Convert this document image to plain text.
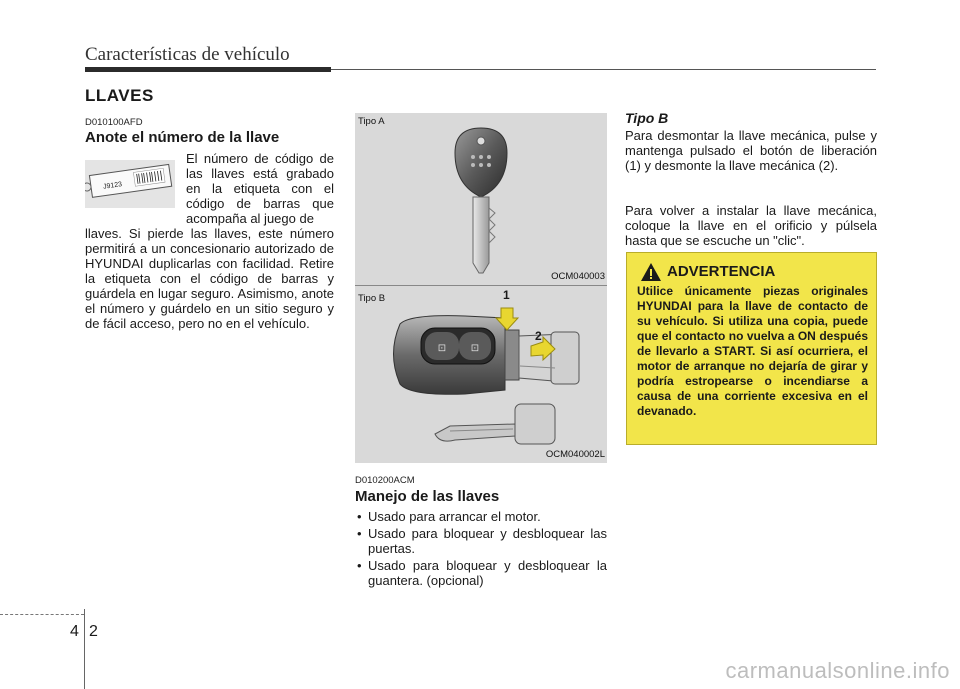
Características de vehículo
LLAVES
D010100AFD
Anote el número de la llave
J9123
El número de código de las llaves está grabado en la etiqueta con el código de barras que acompaña al juego de
llaves. Si pierde las llaves, este número permitirá a un concesionario autorizado de HYUNDAI duplicarlas con facilidad. Retire la etiqueta con el código de barras y guárdela en lugar seguro. Asimismo, anote el número y guárdelo en un sitio seguro y de fácil acceso, pero no en el vehículo.
Tipo A
OCM040003
Tipo B
⊡ ⊡
1
2
OCM040002L
D010200ACM
Manejo de las llaves
• Usado para arrancar el motor.
• Usado para bloquear y desbloquear las puertas.
• Usado para bloquear y desbloquear la guantera. (opcional)
Tipo B
Para desmontar la llave mecánica, pulse y mantenga pulsado el botón de liberación (1) y desmonte la llave mecánica (2).
Para volver a instalar la llave mecánica, coloque la llave en el orificio y púlsela hasta que se escuche un "clic".
ADVERTENCIA
Utilice únicamente piezas originales HYUNDAI para la llave de contacto de su vehículo. Si utiliza una copia, puede que el contacto no vuelva a ON después de llevarlo a START. Si así ocurriera, el motor de arranque no dejaría de girar y podría estropearse o incendiarse a causa de una corriente excesiva en el devanado.
4 2
carmanualsonline.info
